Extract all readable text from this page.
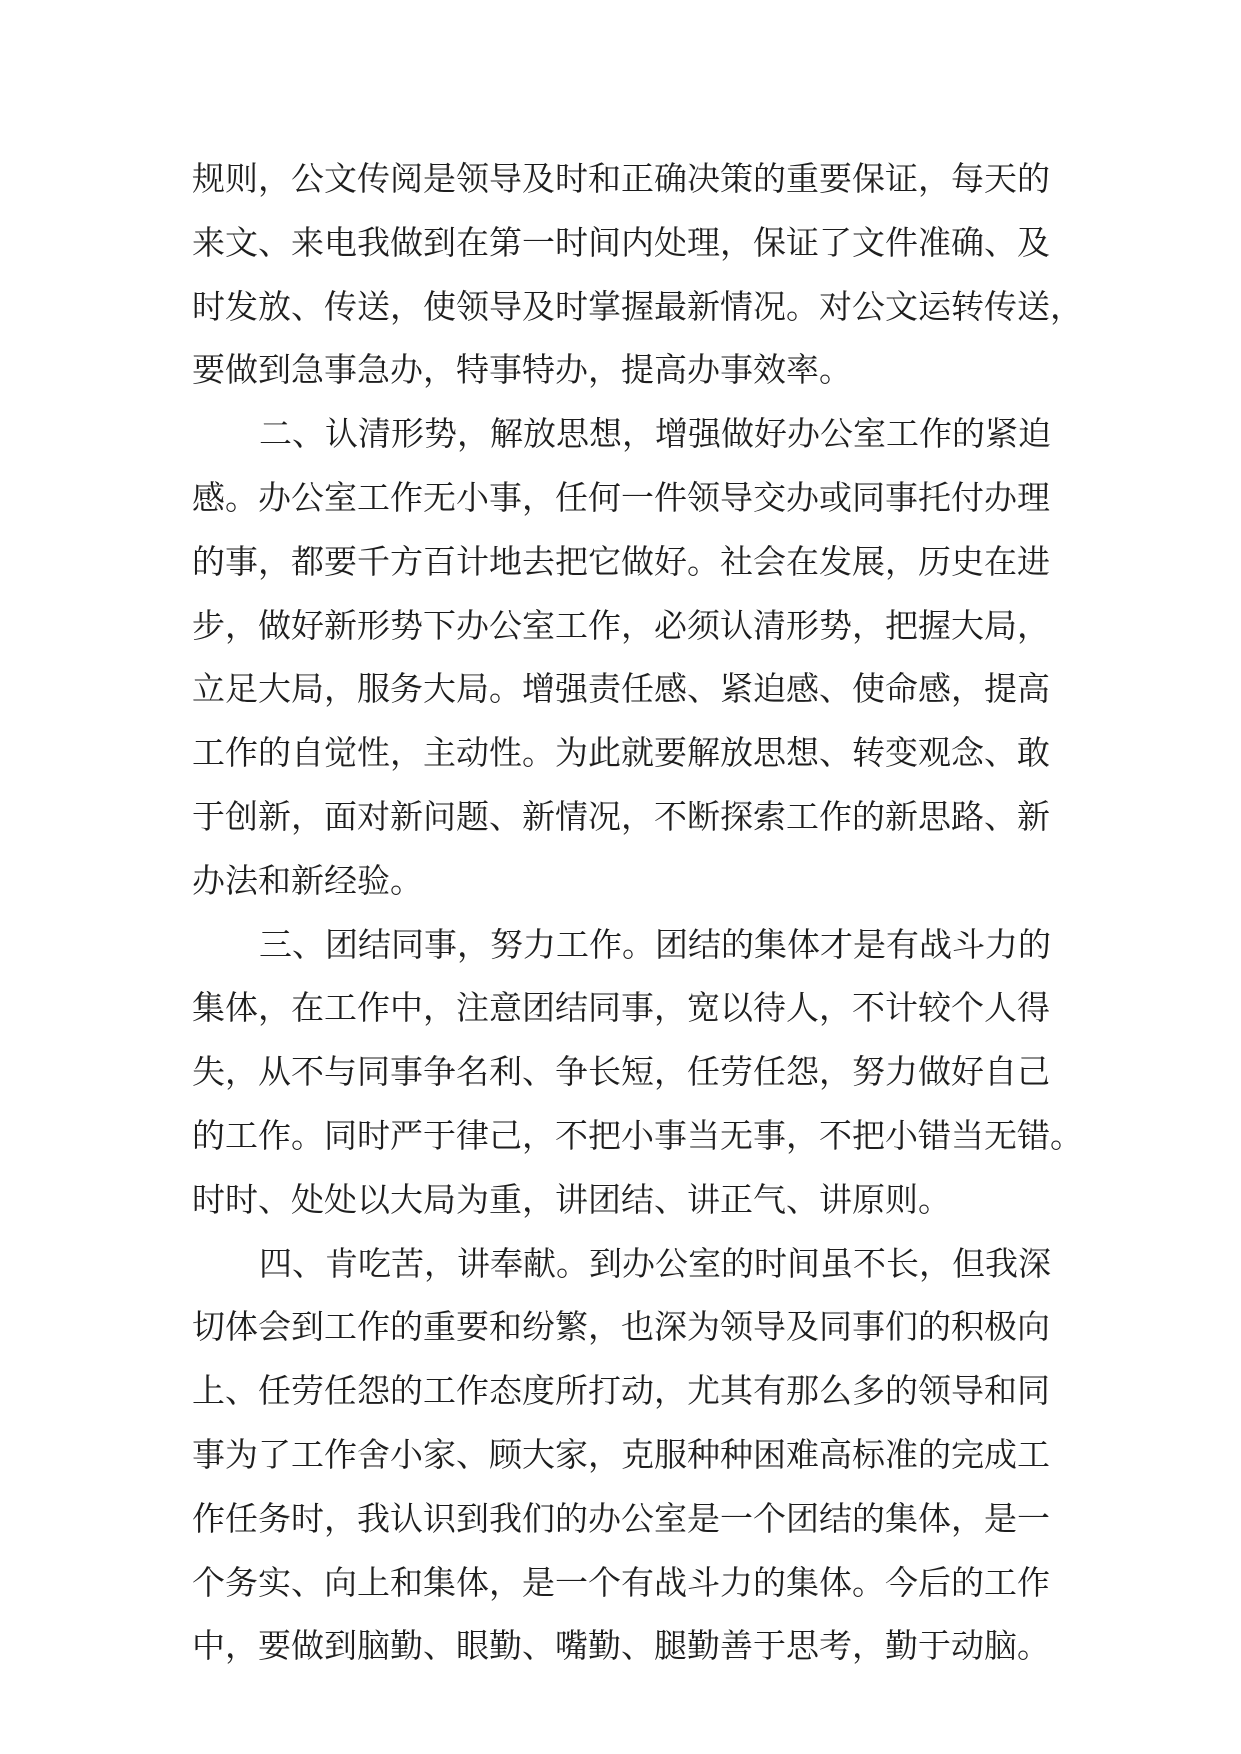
规则，公文传阅是领导及时和正确决策的重要保证，每天的
来文、来电我做到在第一时间内处理，保证了文件准确、及
时发放、传送，使领导及时掌握最新情况。对公文运转传送，
要做到急事急办，特事特办，提高办事效率。
二、认清形势，解放思想，增强做好办公室工作的紧迫
感。办公室工作无小事，任何一件领导交办或同事托付办理
的事，都要千方百计地去把它做好。社会在发展，历史在进
步，做好新形势下办公室工作，必须认清形势，把握大局，
立足大局，服务大局。增强责任感、紧迫感、使命感，提高
工作的自觉性，主动性。为此就要解放思想、转变观念、敢
于创新，面对新问题、新情况，不断探索工作的新思路、新
办法和新经验。
三、团结同事，努力工作。团结的集体才是有战斗力的
集体，在工作中，注意团结同事，宽以待人，不计较个人得
失，从不与同事争名利、争长短，任劳任怨，努力做好自己
的工作。同时严于律己，不把小事当无事，不把小错当无错。
时时、处处以大局为重，讲团结、讲正气、讲原则。
四、肯吃苦，讲奉献。到办公室的时间虽不长，但我深
切体会到工作的重要和纷繁，也深为领导及同事们的积极向
上、任劳任怨的工作态度所打动，尤其有那么多的领导和同
事为了工作舍小家、顾大家，克服种种困难高标准的完成工
作任务时，我认识到我们的办公室是一个团结的集体，是一
个务实、向上和集体，是一个有战斗力的集体。今后的工作
中，要做到脑勤、眼勤、嘴勤、腿勤善于思考，勤于动脑。
